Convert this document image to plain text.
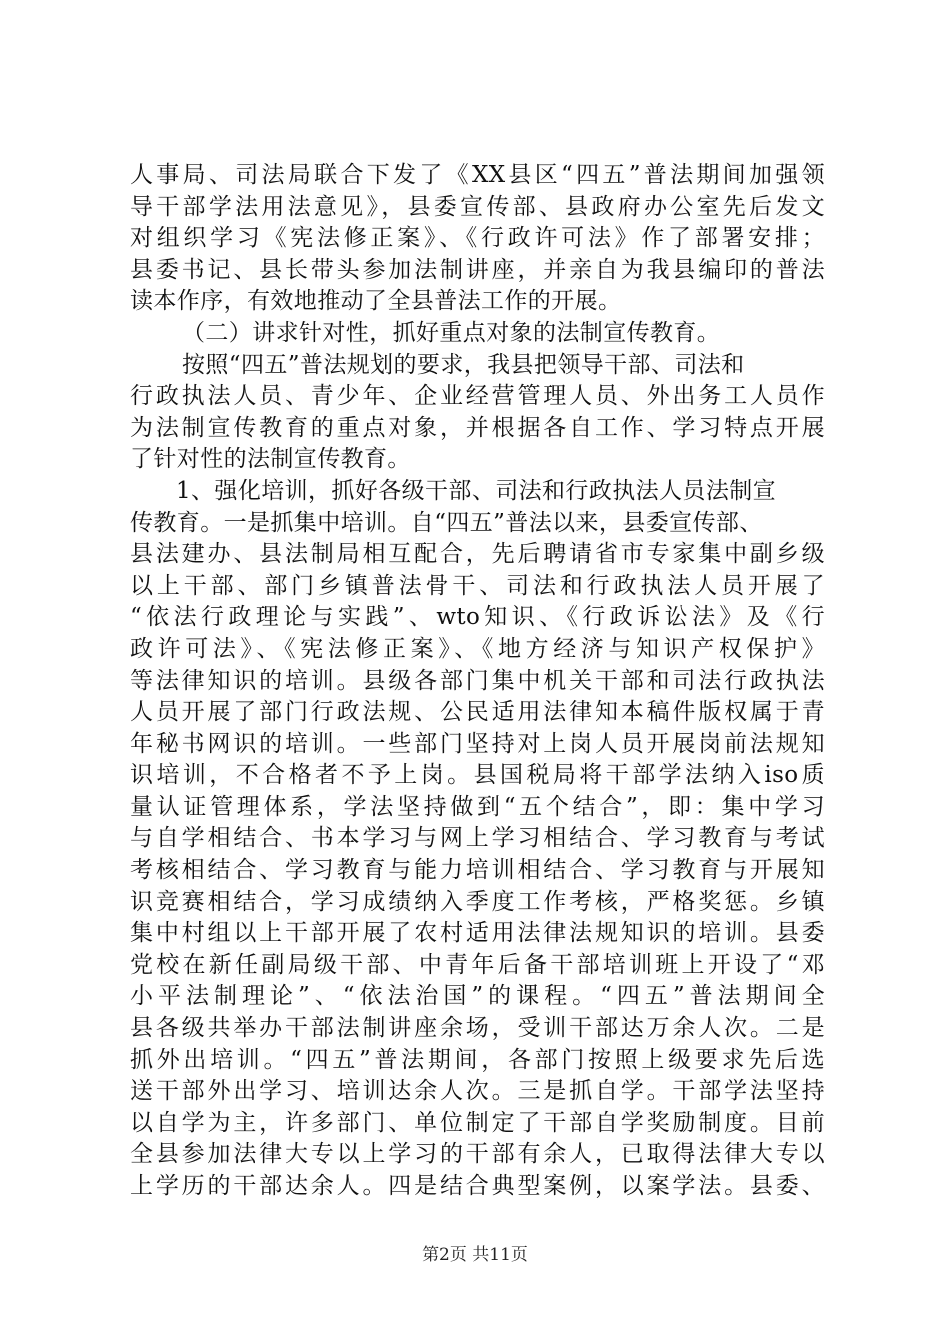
人事局、司法局联合下发了《XX县区“四五”普法期间加强领
导干部学法用法意见》，县委宣传部、县政府办公室先后发文
对组织学习《宪法修正案》、《行政许可法》作了部署安排；
县委书记、县长带头参加法制讲座，并亲自为我县编印的普法
读本作序，有效地推动了全县普法工作的开展。
（二）讲求针对性，抓好重点对象的法制宣传教育。
按照“四五”普法规划的要求，我县把领导干部、司法和
行政执法人员、青少年、企业经营管理人员、外出务工人员作
为法制宣传教育的重点对象，并根据各自工作、学习特点开展
了针对性的法制宣传教育。
1、强化培训，抓好各级干部、司法和行政执法人员法制宣
传教育。一是抓集中培训。自“四五”普法以来，县委宣传部、
县法建办、县法制局相互配合，先后聘请省市专家集中副乡级
以上干部、部门乡镇普法骨干、司法和行政执法人员开展了
“依法行政理论与实践”、wto知识、《行政诉讼法》及《行
政许可法》、《宪法修正案》、《地方经济与知识产权保护》
等法律知识的培训。县级各部门集中机关干部和司法行政执法
人员开展了部门行政法规、公民适用法律知本稿件版权属于青
年秘书网识的培训。一些部门坚持对上岗人员开展岗前法规知
识培训，不合格者不予上岗。县国税局将干部学法纳入iso质
量认证管理体系，学法坚持做到“五个结合”，即：集中学习
与自学相结合、书本学习与网上学习相结合、学习教育与考试
考核相结合、学习教育与能力培训相结合、学习教育与开展知
识竞赛相结合，学习成绩纳入季度工作考核，严格奖惩。乡镇
集中村组以上干部开展了农村适用法律法规知识的培训。县委
党校在新任副局级干部、中青年后备干部培训班上开设了“邓
小平法制理论”、“依法治国”的课程。“四五”普法期间全
县各级共举办干部法制讲座余场，受训干部达万余人次。二是
抓外出培训。“四五”普法期间，各部门按照上级要求先后选
送干部外出学习、培训达余人次。三是抓自学。干部学法坚持
以自学为主，许多部门、单位制定了干部自学奖励制度。目前
全县参加法律大专以上学习的干部有余人，已取得法律大专以
上学历的干部达余人。四是结合典型案例，以案学法。县委、
第2页 共11页
